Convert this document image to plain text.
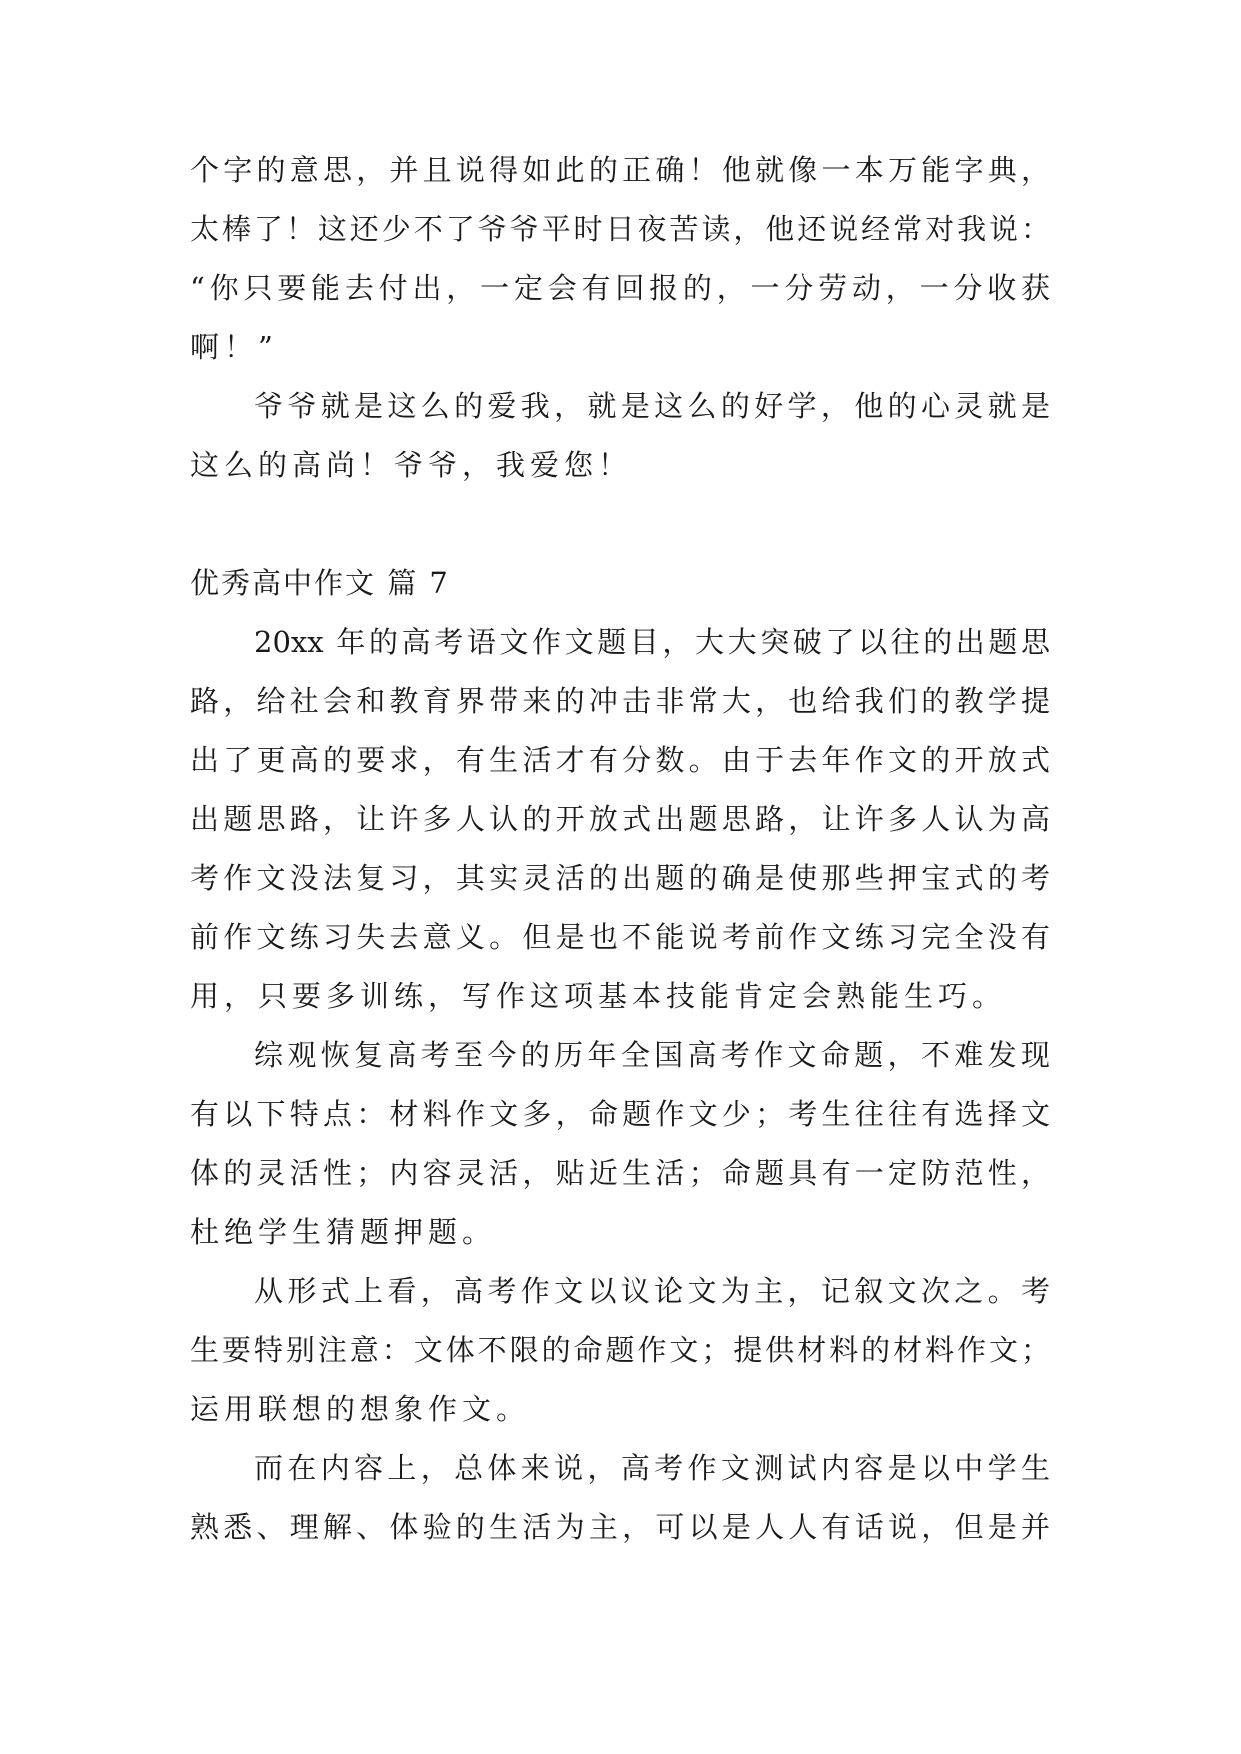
个字的意思，并且说得如此的正确！他就像一本万能字典，
太棒了！这还少不了爷爷平时日夜苦读，他还说经常对我说：
“你只要能去付出，一定会有回报的，一分劳动，一分收获
啊！”
爷爷就是这么的爱我，就是这么的好学，他的心灵就是
这么的高尚！爷爷，我爱您！
优秀高中作文 篇 7
20xx 年的高考语文作文题目，大大突破了以往的出题思
路，给社会和教育界带来的冲击非常大，也给我们的教学提
出了更高的要求，有生活才有分数。由于去年作文的开放式
出题思路，让许多人认的开放式出题思路，让许多人认为高
考作文没法复习，其实灵活的出题的确是使那些押宝式的考
前作文练习失去意义。但是也不能说考前作文练习完全没有
用，只要多训练，写作这项基本技能肯定会熟能生巧。
综观恢复高考至今的历年全国高考作文命题，不难发现
有以下特点：材料作文多，命题作文少；考生往往有选择文
体的灵活性；内容灵活，贴近生活；命题具有一定防范性，
杜绝学生猜题押题。
从形式上看，高考作文以议论文为主，记叙文次之。考
生要特别注意：文体不限的命题作文；提供材料的材料作文；
运用联想的想象作文。
而在内容上，总体来说，高考作文测试内容是以中学生
熟悉、理解、体验的生活为主，可以是人人有话说，但是并
